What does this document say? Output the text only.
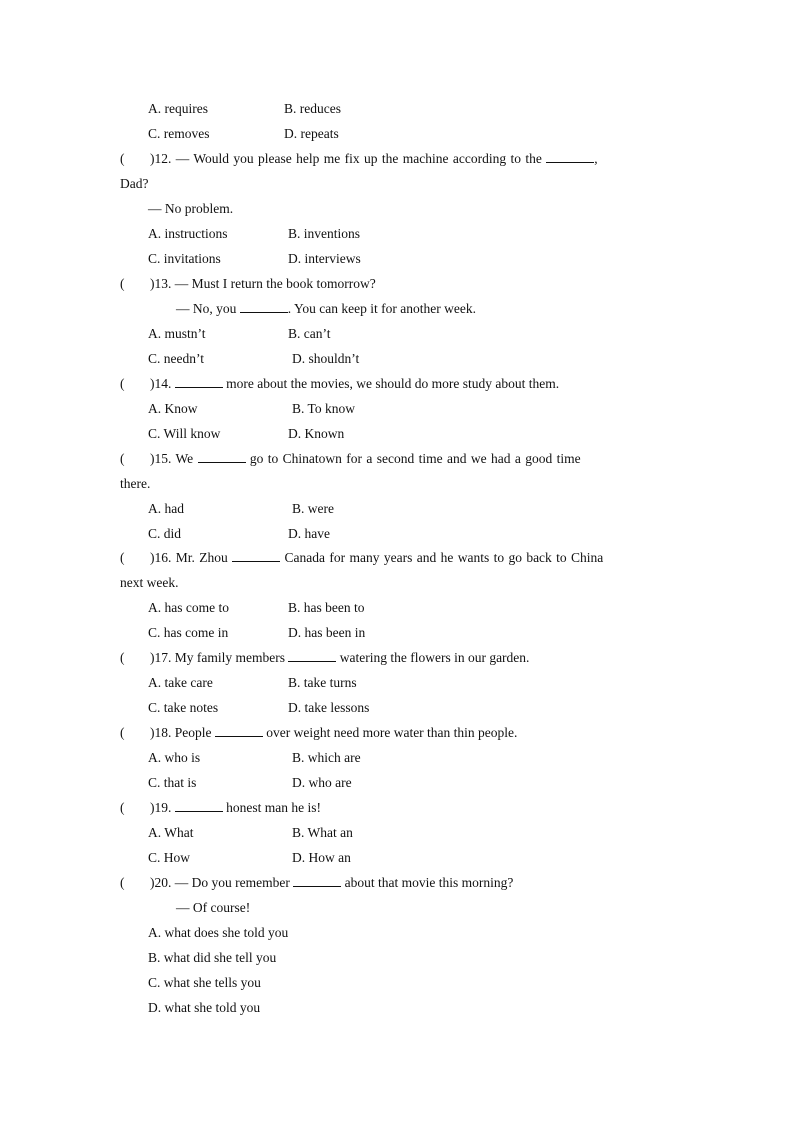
A. requires	B. reduces
C. removes	D. repeats
( )12. — Would you please help me fix up the machine according to the	,
Dad?
— No problem.
A. instructions	B. inventions
C. invitations	D. interviews
( )13. — Must I return the book tomorrow?
— No, you	. You can keep it for another week.
A. mustn’t	B. can’t
C. needn’t	D. shouldn’t
( )14.	more about the movies, we should do more study about them.
A. Know	B. To know
C. Will know	D. Known
( )15. We	go to Chinatown for a second time and we had a good time
there.
A. had	B. were
C. did	D. have
( )16. Mr. Zhou	Canada for many years and he wants to go back to China
next week.
A. has come to	B. has been to
C. has come in	D. has been in
( )17. My family members	watering the flowers in our garden.
A. take care	B. take turns
C. take notes	D. take lessons
( )18. People	over weight need more water than thin people.
A. who is	B. which are
C. that is	D. who are
( )19.	honest man he is!
A. What	B. What an
C. How	D. How an
( )20. — Do you remember	about that movie this morning?
— Of course!
A. what does she told you
B. what did she tell you
C. what she tells you
D. what she told you
